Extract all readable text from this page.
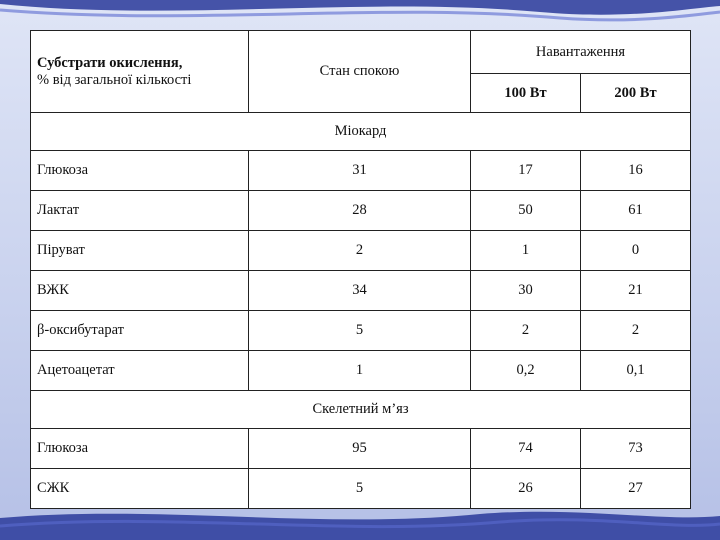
Субстрати окислення,
% від загальної кількості	Стан спокою	Навантаження	
		100 Вт	200 Вт
Міокард			
Глюкоза	31	17	16
Лактат	28	50	61
Піруват	2	1	0
ВЖК	34	30	21
β-оксибутарат	5	2	2
Ацетоацетат	1	0,2	0,1
Скелетний м’яз			
Глюкоза	95	74	73
СЖК	5	26	27
